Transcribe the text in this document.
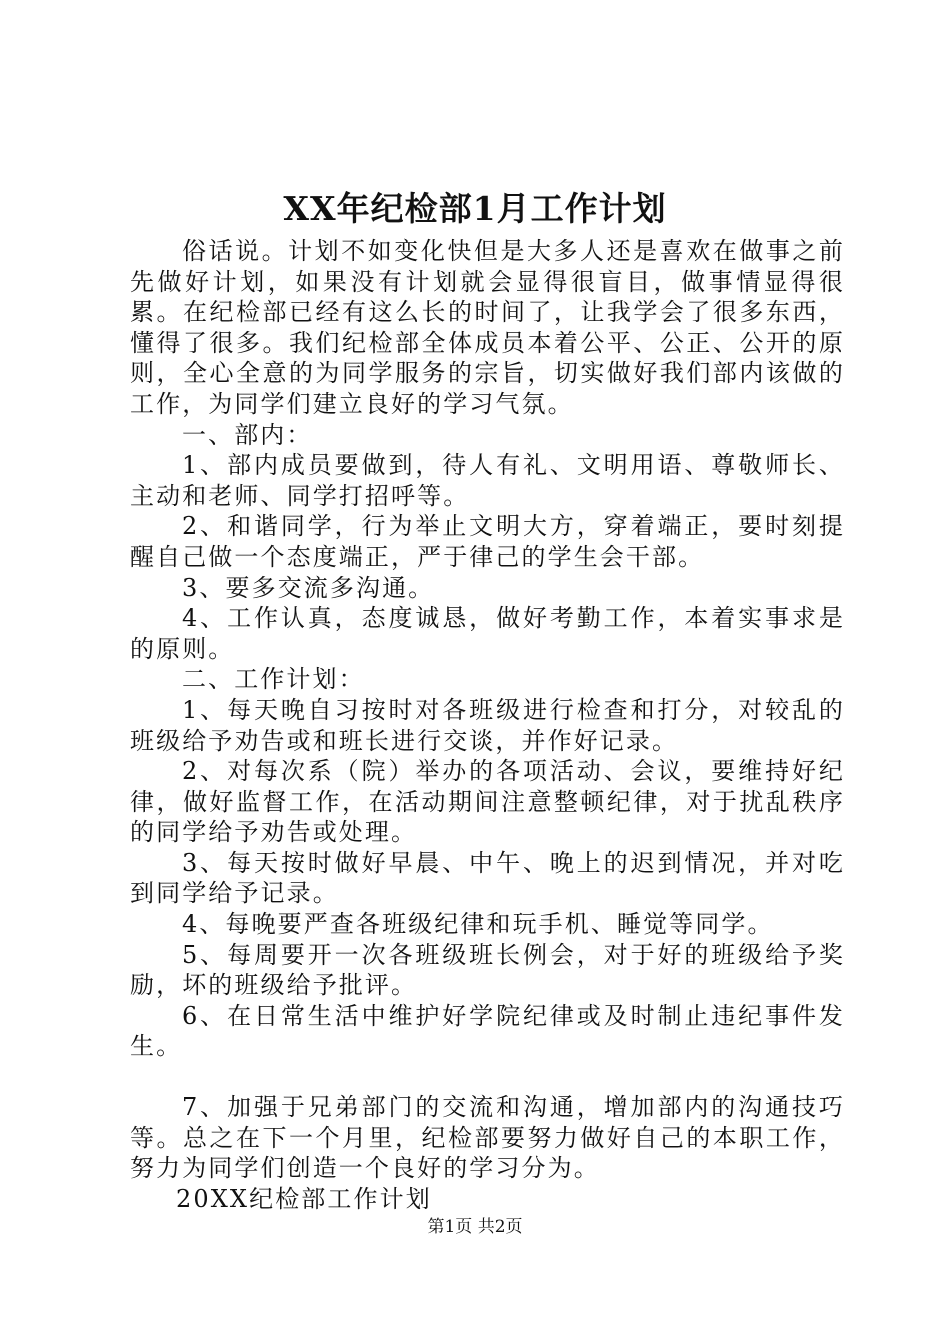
XX年纪检部1月工作计划

俗话说。计划不如变化快但是大多人还是喜欢在做事之前先做好计划，如果没有计划就会显得很盲目，做事情显得很累。在纪检部已经有这么长的时间了，让我学会了很多东西，懂得了很多。我们纪检部全体成员本着公平、公正、公开的原则，全心全意的为同学服务的宗旨，切实做好我们部内该做的工作，为同学们建立良好的学习气氛。

一、部内：

1、部内成员要做到，待人有礼、文明用语、尊敬师长、主动和老师、同学打招呼等。

2、和谐同学，行为举止文明大方，穿着端正，要时刻提醒自己做一个态度端正，严于律己的学生会干部。

3、要多交流多沟通。

4、工作认真，态度诚恳，做好考勤工作，本着实事求是的原则。

二、工作计划：

1、每天晚自习按时对各班级进行检查和打分，对较乱的班级给予劝告或和班长进行交谈，并作好记录。

2、对每次系（院）举办的各项活动、会议，要维持好纪律，做好监督工作，在活动期间注意整顿纪律，对于扰乱秩序的同学给予劝告或处理。

3、每天按时做好早晨、中午、晚上的迟到情况，并对吃到同学给予记录。

4、每晚要严查各班级纪律和玩手机、睡觉等同学。

5、每周要开一次各班级班长例会，对于好的班级给予奖励，坏的班级给予批评。

6、在日常生活中维护好学院纪律或及时制止违纪事件发生。

7、加强于兄弟部门的交流和沟通，增加部内的沟通技巧等。总之在下一个月里，纪检部要努力做好自己的本职工作，努力为同学们创造一个良好的学习分为。

20XX纪检部工作计划

第1页 共2页
